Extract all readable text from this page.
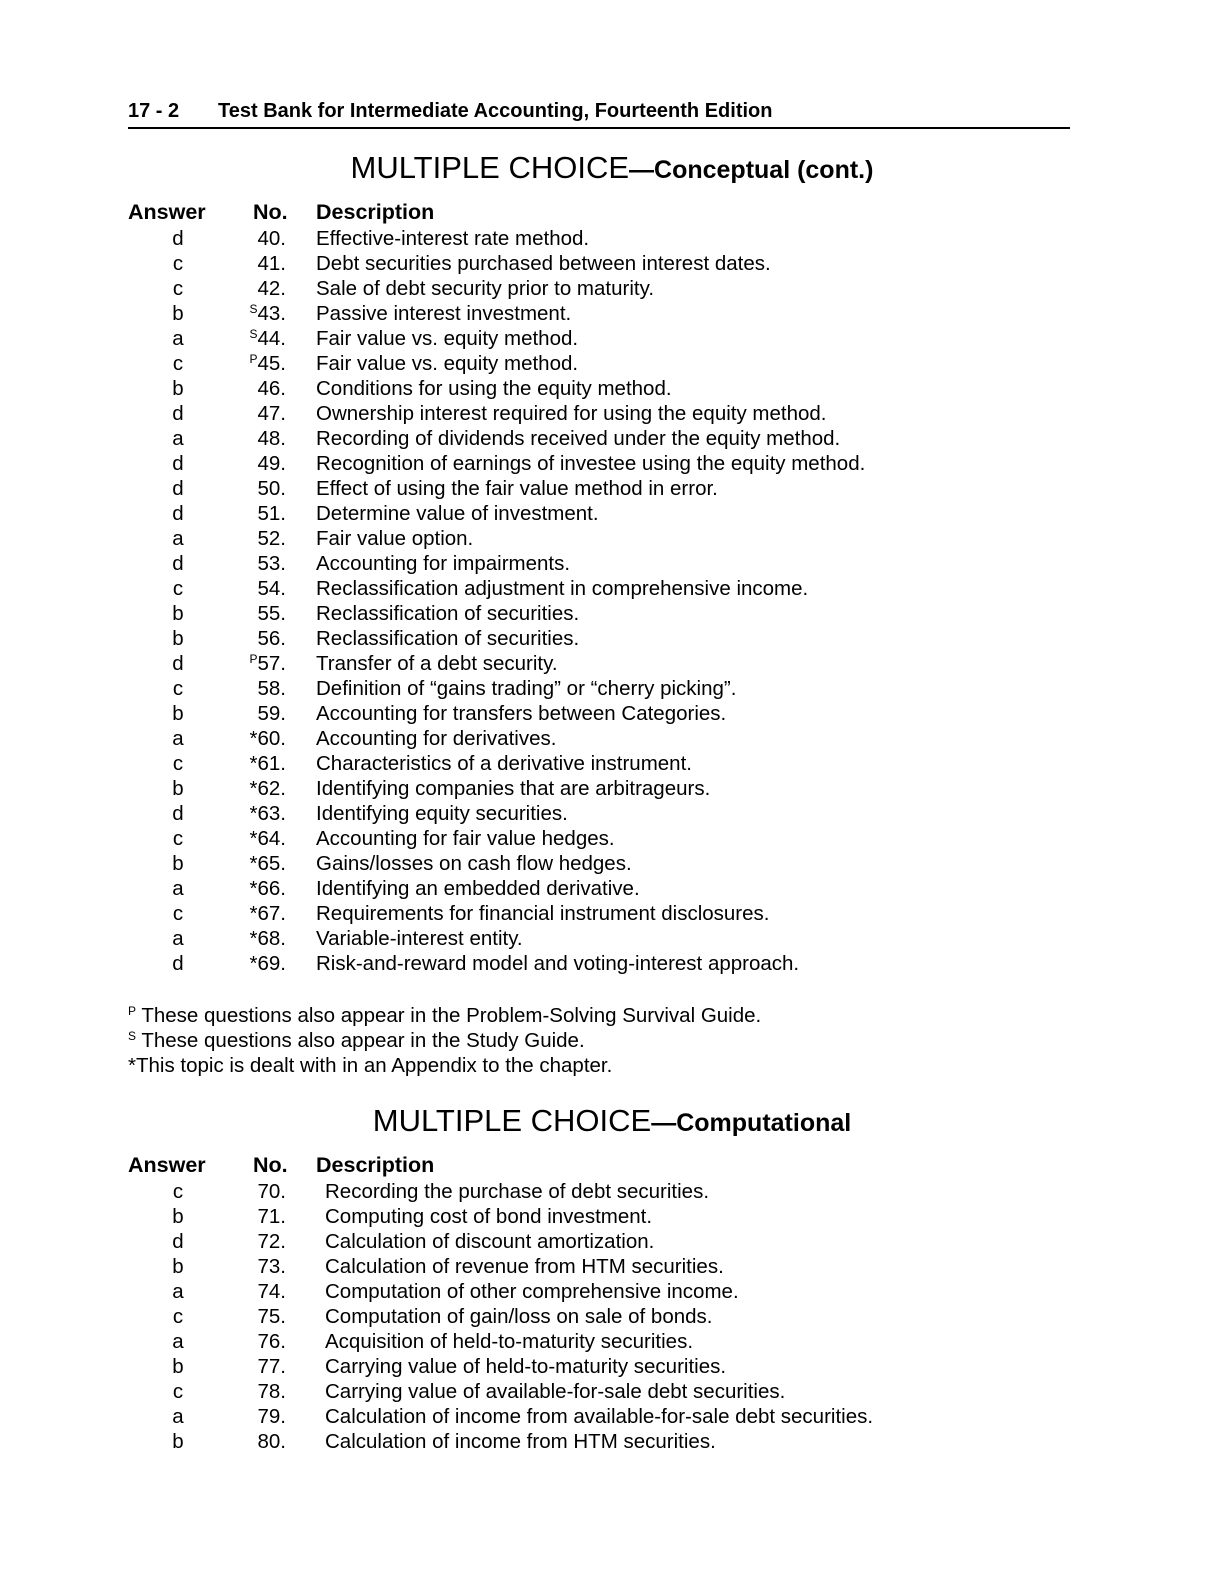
17 - 2 Test Bank for Intermediate Accounting, Fourteenth Edition
MULTIPLE CHOICE—Conceptual (cont.)
Answer No. Description
d	40. Effective-interest rate method.
c	41. Debt securities purchased between interest dates.
c	42. Sale of debt security prior to maturity.
b	$^S$43. Passive interest investment.
a	$^S$44. Fair value vs. equity method.
c	$^P$45. Fair value vs. equity method.
b	46. Conditions for using the equity method.
d	47. Ownership interest required for using the equity method.
a	48. Recording of dividends received under the equity method.
d	49. Recognition of earnings of investee using the equity method.
d	50. Effect of using the fair value method in error.
d	51. Determine value of investment.
a	52. Fair value option.
d	53. Accounting for impairments.
c	54. Reclassification adjustment in comprehensive income.
b	55. Reclassification of securities.
b	56. Reclassification of securities.
d	$^P$57. Transfer of a debt security.
c	58. Definition of “gains trading” or “cherry picking”.
b	59. Accounting for transfers between Categories.
a	*60. Accounting for derivatives.
c	*61. Characteristics of a derivative instrument.
b	*62. Identifying companies that are arbitrageurs.
d	*63. Identifying equity securities.
c	*64. Accounting for fair value hedges.
b	*65. Gains/losses on cash flow hedges.
a	*66. Identifying an embedded derivative.
c	*67. Requirements for financial instrument disclosures.
a	*68. Variable-interest entity.
d	*69. Risk-and-reward model and voting-interest approach.
$^P$ These questions also appear in the Problem-Solving Survival Guide.
$^S$ These questions also appear in the Study Guide.
*This topic is dealt with in an Appendix to the chapter.
MULTIPLE CHOICE—Computational
Answer No. Description
c	70. Recording the purchase of debt securities.
b	71. Computing cost of bond investment.
d	72. Calculation of discount amortization.
b	73. Calculation of revenue from HTM securities.
a	74. Computation of other comprehensive income.
c	75. Computation of gain/loss on sale of bonds.
a	76. Acquisition of held-to-maturity securities.
b	77. Carrying value of held-to-maturity securities.
c	78. Carrying value of available-for-sale debt securities.
a	79. Calculation of income from available-for-sale debt securities.
b	80. Calculation of income from HTM securities.
